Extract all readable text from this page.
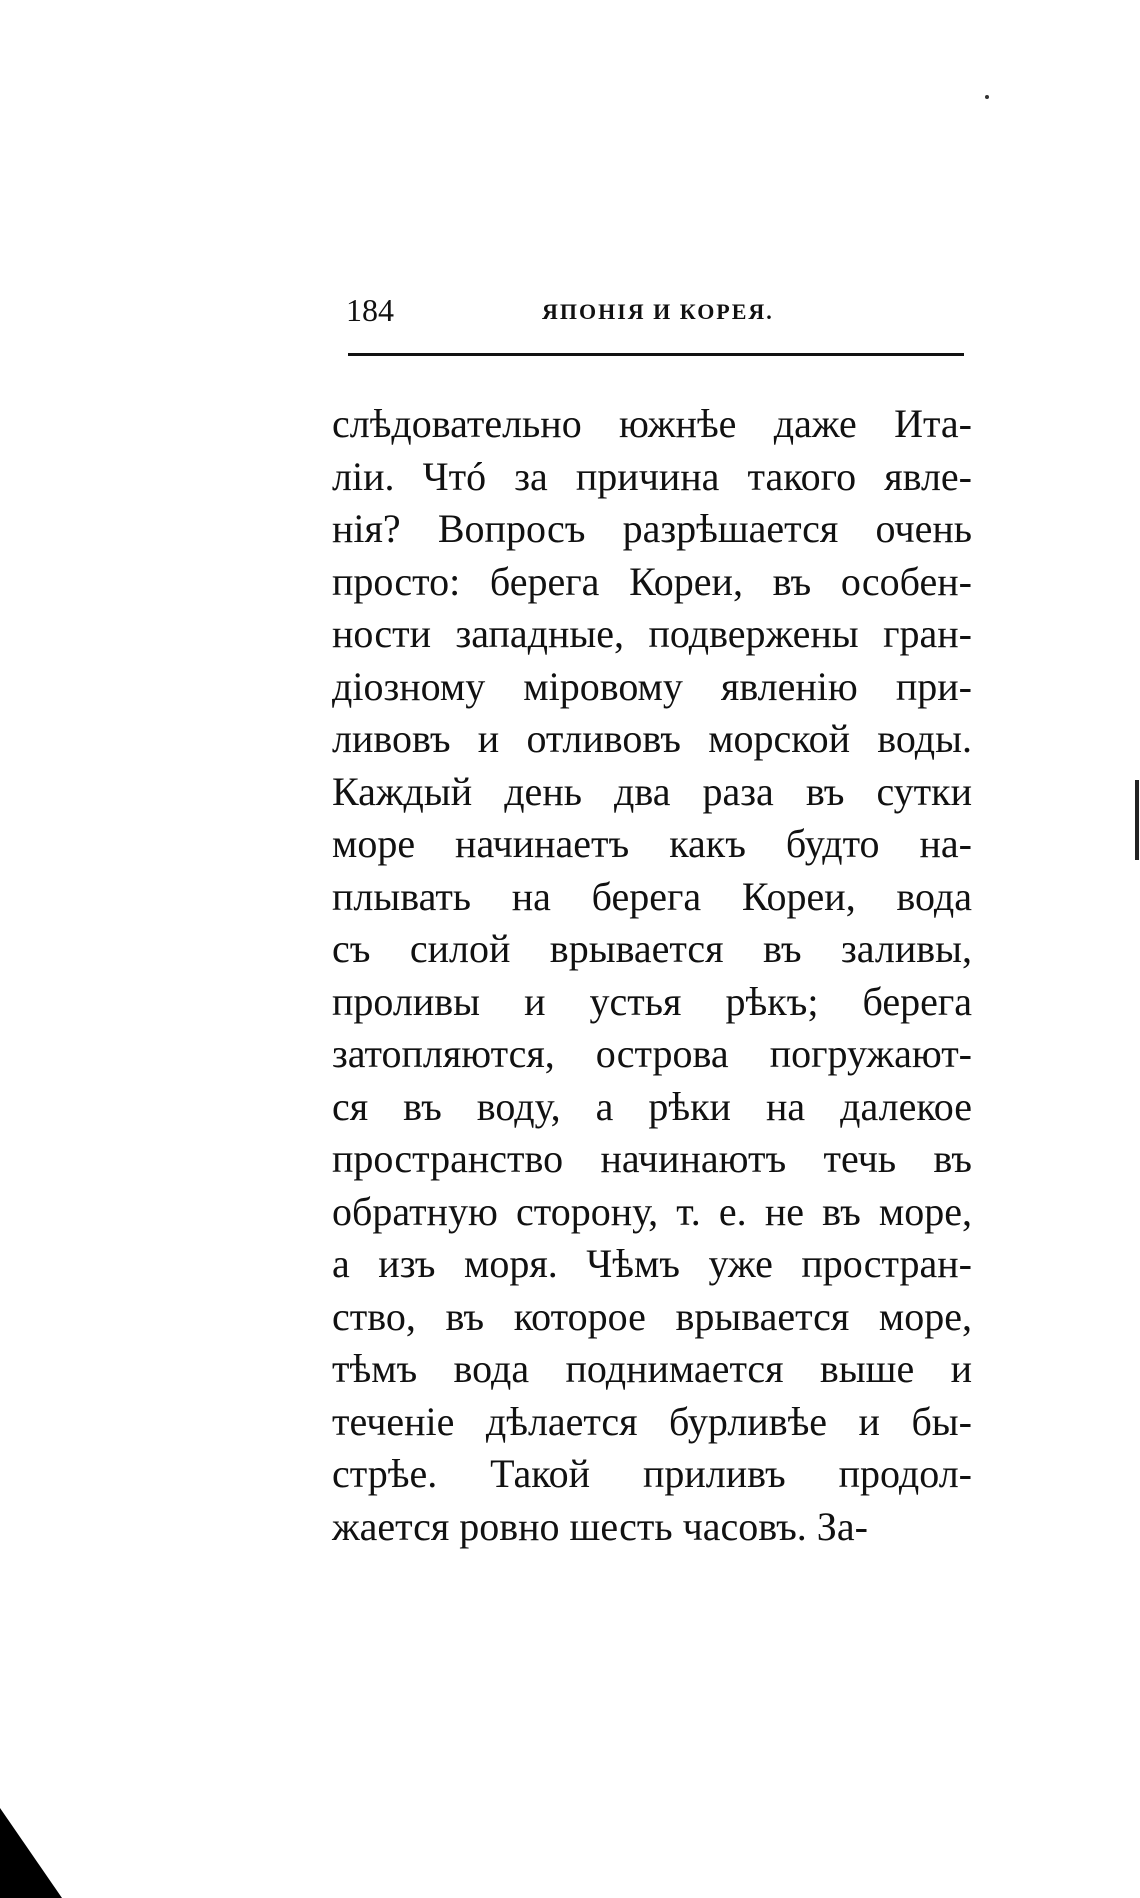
184	ЯПОНІЯ И КОРЕЯ.
слѣдовательно южнѣе даже Ита-
ліи. Чтó за причина такого явле-
нія? Вопросъ разрѣшается очень
просто: берега Кореи, въ особен-
ности западные, подвержены гран-
діозному міровому явленію при-
ливовъ и отливовъ морской воды.
Каждый день два раза въ сутки
море начинаетъ какъ будто на-
плывать на берега Кореи, вода
съ силой врывается въ заливы,
проливы и устья рѣкъ; берега
затопляются, острова погружают-
ся въ воду, а рѣки на далекое
пространство начинаютъ течь въ
обратную сторону, т. е. не въ море,
а изъ моря. Чѣмъ уже простран-
ство, въ которое врывается море,
тѣмъ вода поднимается выше и
теченіе дѣлается бурливѣе и бы-
стрѣе. Такой приливъ продол-
жается ровно шесть часовъ. За-
